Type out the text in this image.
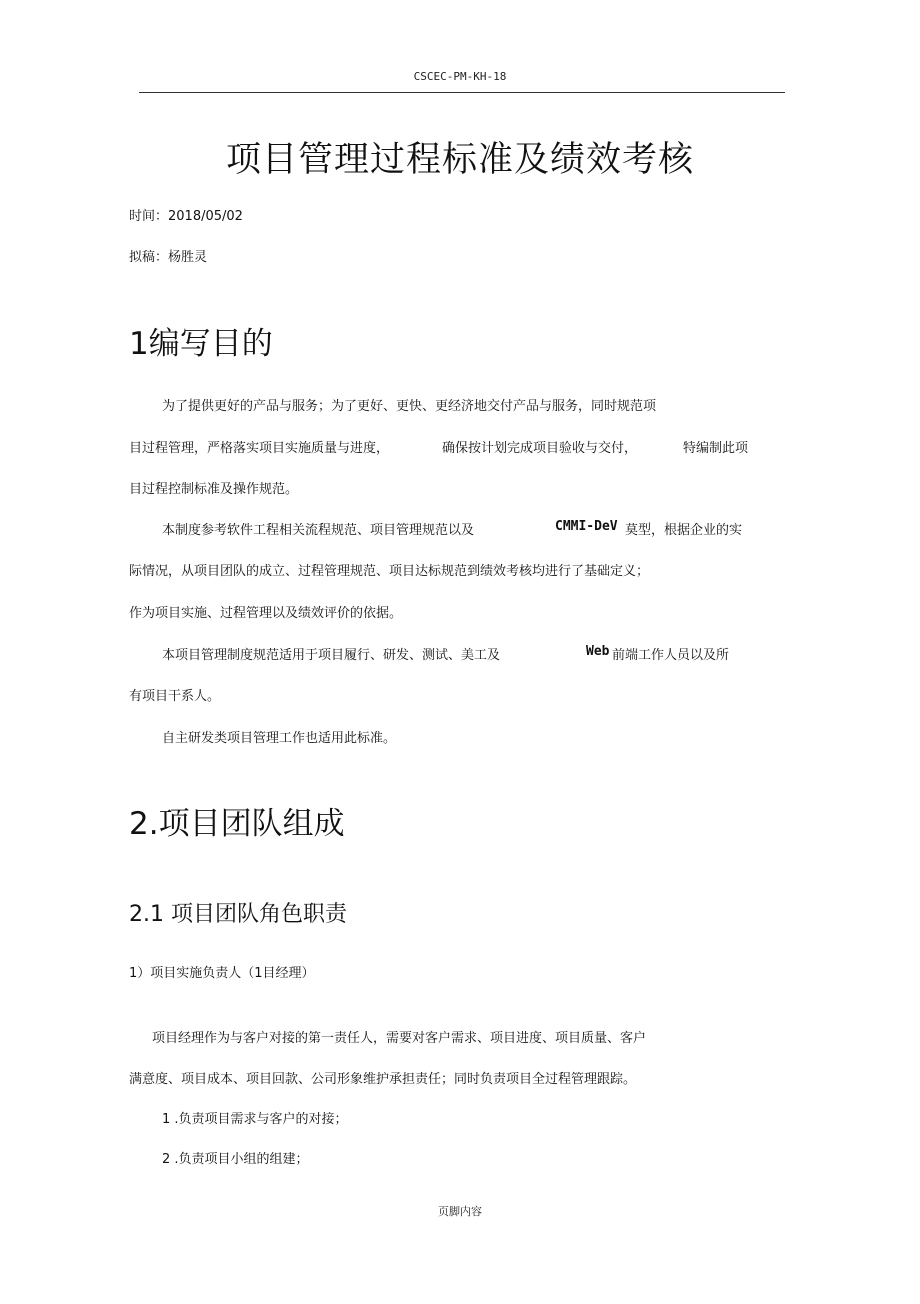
CSCEC-PM-KH-18
项目管理过程标准及绩效考核
时间：2018/05/02
拟稿：杨胜灵
1编写目的
为了提供更好的产品与服务；为了更好、更快、更经济地交付产品与服务，同时规范项
目过程管理，严格落实项目实施质量与进度，	确保按计划完成项目验收与交付，	特编制此项
目过程控制标准及操作规范。
本制度参考软件工程相关流程规范、项目管理规范以及	CMMI-DeV 莫型，根据企业的实
际情况，从项目团队的成立、过程管理规范、项目达标规范到绩效考核均进行了基础定义；
作为项目实施、过程管理以及绩效评价的依据。
本项目管理制度规范适用于项目履行、研发、测试、美工及	Web 前端工作人员以及所
有项目干系人。
自主研发类项目管理工作也适用此标准。
2.项目团队组成
2.1 项目团队角色职责
1）项目实施负责人（1目经理）
项目经理作为与客户对接的第一责任人，需要对客户需求、项目进度、项目质量、客户
满意度、项目成本、项目回款、公司形象维护承担责任；同时负责项目全过程管理跟踪。
1 .负责项目需求与客户的对接；
2 .负责项目小组的组建；
页脚内容
